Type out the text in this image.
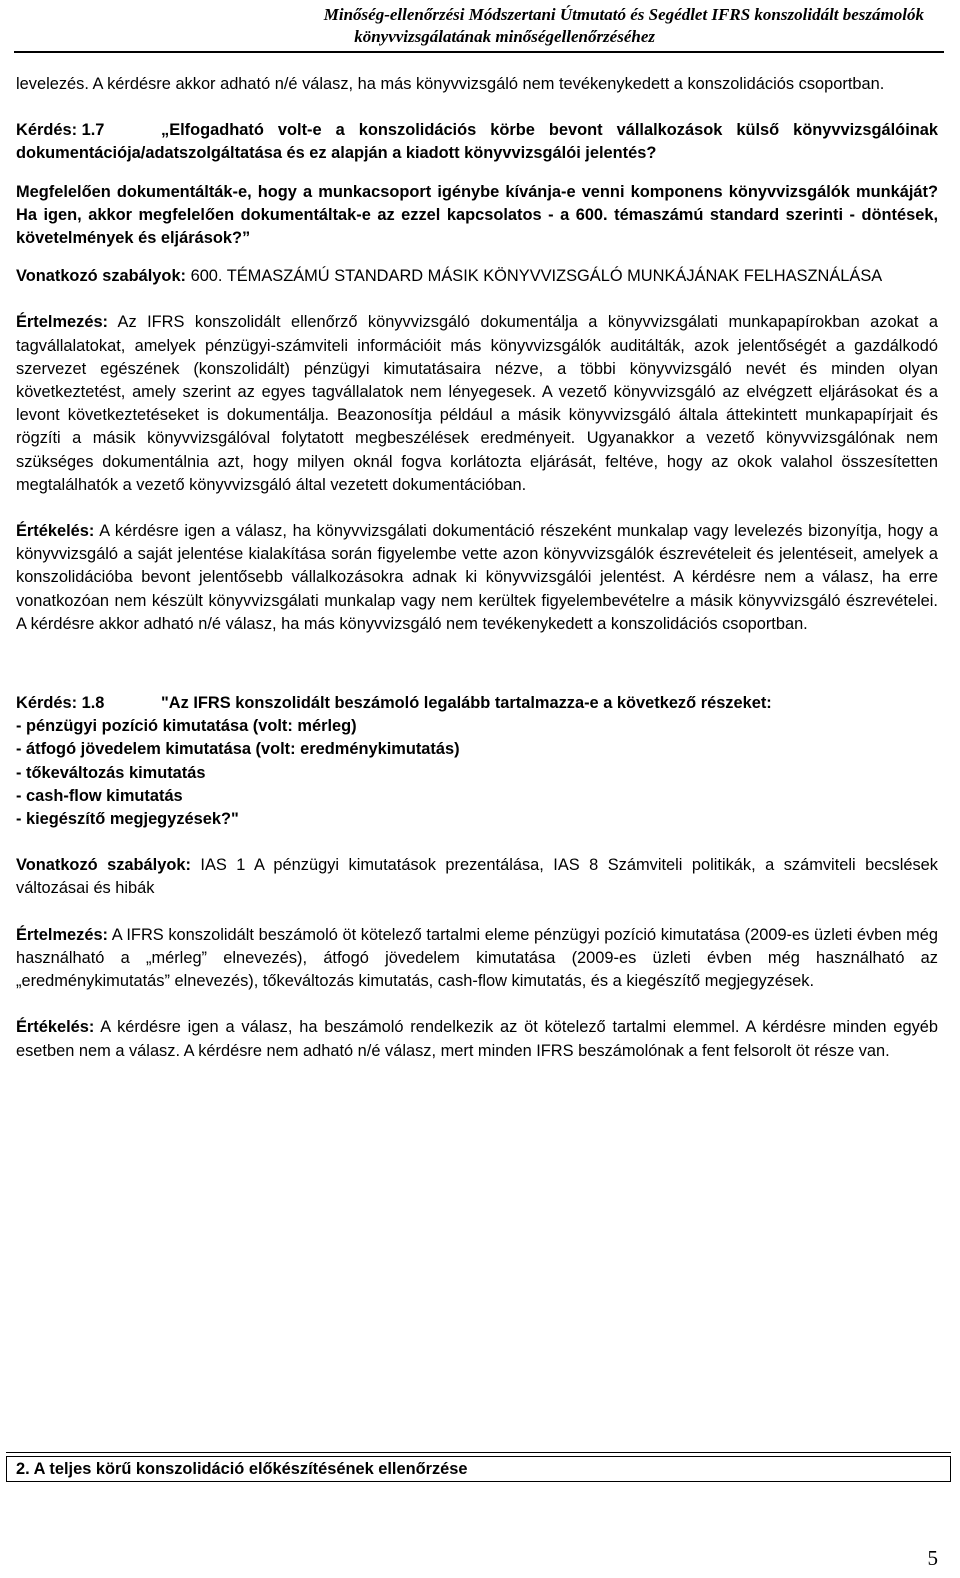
Minőség-ellenőrzési Módszertani Útmutató és Segédlet IFRS konszolidált beszámolók
könyvvizsgálatának minőségellenőrzéséhez

levelezés. A kérdésre akkor adható n/é válasz, ha más könyvvizsgáló nem tevékenykedett a konszolidációs csoportban.

Kérdés: 1.7	„Elfogadható volt-e a konszolidációs körbe bevont vállalkozások külső könyvvizsgálóinak dokumentációja/adatszolgáltatása és ez alapján a kiadott könyvvizsgálói jelentés?

Megfelelően dokumentálták-e, hogy a munkacsoport igénybe kívánja-e venni komponens könyvvizsgálók munkáját? Ha igen, akkor megfelelően dokumentáltak-e az ezzel kapcsolatos - a 600. témaszámú standard szerinti - döntések, követelmények és eljárások?”

Vonatkozó szabályok: 600. TÉMASZÁMÚ STANDARD MÁSIK KÖNYVVIZSGÁLÓ MUNKÁJÁNAK FELHASZNÁLÁSA

Értelmezés: Az IFRS konszolidált ellenőrző könyvvizsgáló dokumentálja a könyvvizsgálati munkapapírokban azokat a tagvállalatokat, amelyek pénzügyi-számviteli információit más könyvvizsgálók auditálták, azok jelentőségét a gazdálkodó szervezet egészének (konszolidált) pénzügyi kimutatásaira nézve, a többi könyvvizsgáló nevét és minden olyan következtetést, amely szerint az egyes tagvállalatok nem lényegesek. A vezető könyvvizsgáló az elvégzett eljárásokat és a levont következtetéseket is dokumentálja. Beazonosítja például a másik könyvvizsgáló általa áttekintett munkapapírjait és rögzíti a másik könyvvizsgálóval folytatott megbeszélések eredményeit. Ugyanakkor a vezető könyvvizsgálónak nem szükséges dokumentálnia azt, hogy milyen oknál fogva korlátozta eljárását, feltéve, hogy az okok valahol összesítetten megtalálhatók a vezető könyvvizsgáló által vezetett dokumentációban.

Értékelés: A kérdésre igen a válasz, ha könyvvizsgálati dokumentáció részeként munkalap vagy levelezés bizonyítja, hogy a könyvvizsgáló a saját jelentése kialakítása során figyelembe vette azon könyvvizsgálók észrevételeit és jelentéseit, amelyek a konszolidációba bevont jelentősebb vállalkozásokra adnak ki könyvvizsgálói jelentést. A kérdésre nem a válasz, ha erre vonatkozóan nem készült könyvvizsgálati munkalap vagy nem kerültek figyelembevételre a másik könyvvizsgáló észrevételei. A kérdésre akkor adható n/é válasz, ha más könyvvizsgáló nem tevékenykedett a konszolidációs csoportban.

Kérdés: 1.8	"Az IFRS konszolidált beszámoló legalább tartalmazza-e a következő részeket:

- pénzügyi pozíció kimutatása (volt: mérleg)
- átfogó jövedelem kimutatása (volt: eredménykimutatás)
- tőkeváltozás kimutatás
- cash-flow kimutatás
- kiegészítő megjegyzések?"

Vonatkozó szabályok: IAS 1 A pénzügyi kimutatások prezentálása, IAS 8 Számviteli politikák, a számviteli becslések változásai és hibák

Értelmezés: A IFRS konszolidált beszámoló öt kötelező tartalmi eleme pénzügyi pozíció kimutatása (2009-es üzleti évben még használható a „mérleg” elnevezés), átfogó jövedelem kimutatása (2009-es üzleti évben még használható az „eredménykimutatás” elnevezés), tőkeváltozás kimutatás, cash-flow kimutatás, és a kiegészítő megjegyzések.

Értékelés: A kérdésre igen a válasz, ha beszámoló rendelkezik az öt kötelező tartalmi elemmel. A kérdésre minden egyéb esetben nem a válasz. A kérdésre nem adható n/é válasz, mert minden IFRS beszámolónak a fent felsorolt öt része van.

2. A teljes körű konszolidáció előkészítésének ellenőrzése
5
